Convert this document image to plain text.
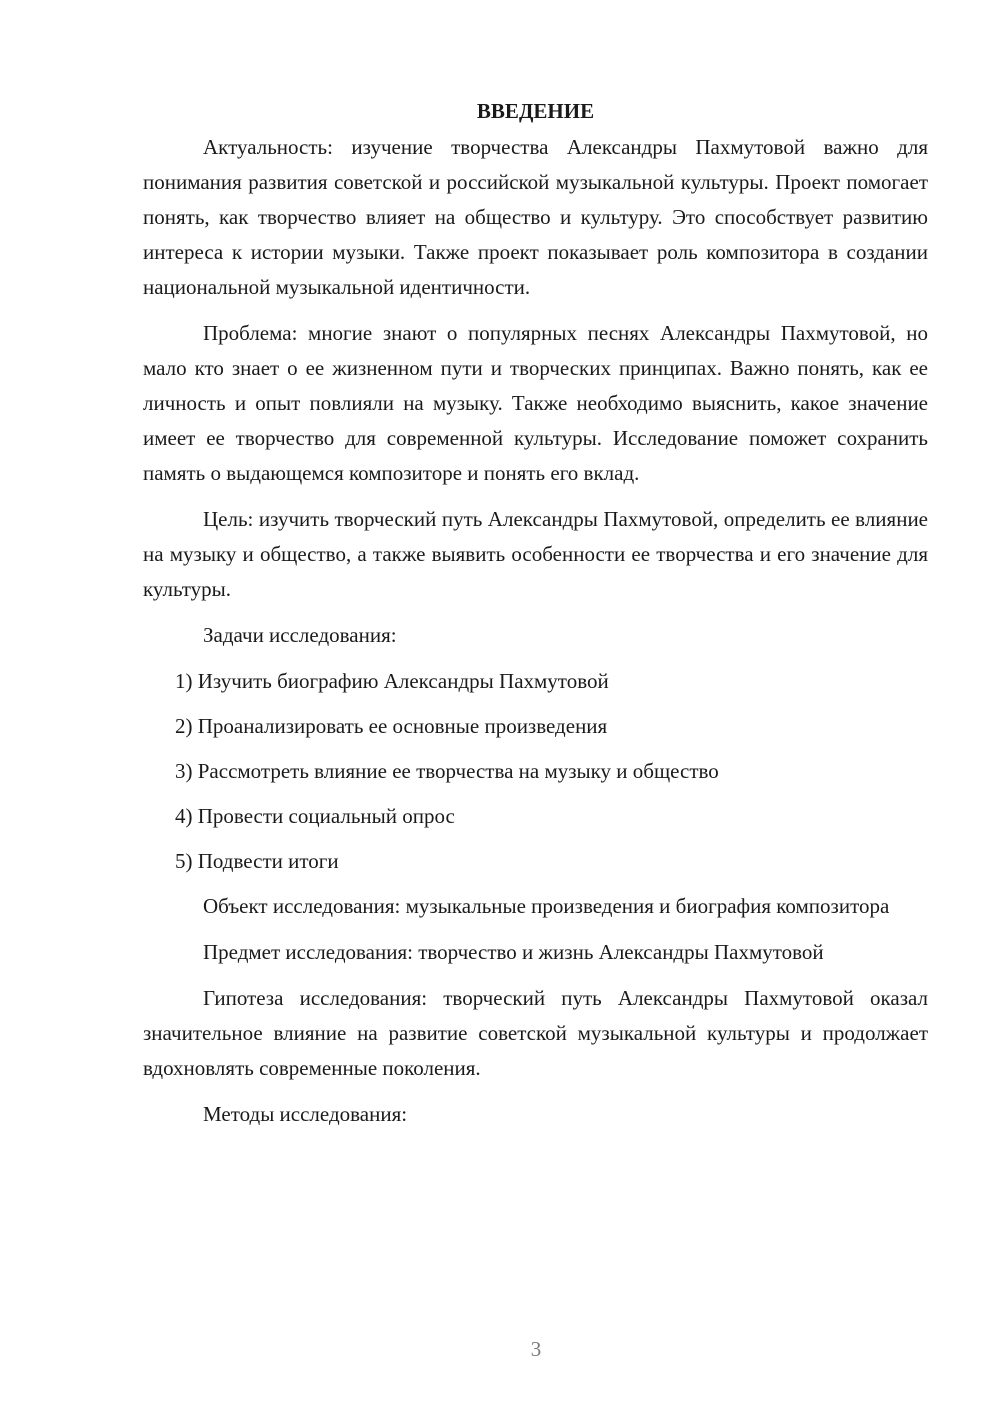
ВВЕДЕНИЕ

Актуальность: изучение творчества Александры Пахмутовой важно для понимания развития советской и российской музыкальной культуры. Проект помогает понять, как творчество влияет на общество и культуру. Это способствует развитию интереса к истории музыки. Также проект показывает роль композитора в создании национальной музыкальной идентичности.

Проблема: многие знают о популярных песнях Александры Пахмутовой, но мало кто знает о ее жизненном пути и творческих принципах. Важно понять, как ее личность и опыт повлияли на музыку. Также необходимо выяснить, какое значение имеет ее творчество для современной культуры. Исследование поможет сохранить память о выдающемся композиторе и понять его вклад.

Цель: изучить творческий путь Александры Пахмутовой, определить ее влияние на музыку и общество, а также выявить особенности ее творчества и его значение для культуры.

Задачи исследования:

1) Изучить биографию Александры Пахмутовой
2) Проанализировать ее основные произведения
3) Рассмотреть влияние ее творчества на музыку и общество
4) Провести социальный опрос
5) Подвести итоги

Объект исследования: музыкальные произведения и биография композитора

Предмет исследования: творчество и жизнь Александры Пахмутовой

Гипотеза исследования: творческий путь Александры Пахмутовой оказал значительное влияние на развитие советской музыкальной культуры и продолжает вдохновлять современные поколения.

Методы исследования:

3
